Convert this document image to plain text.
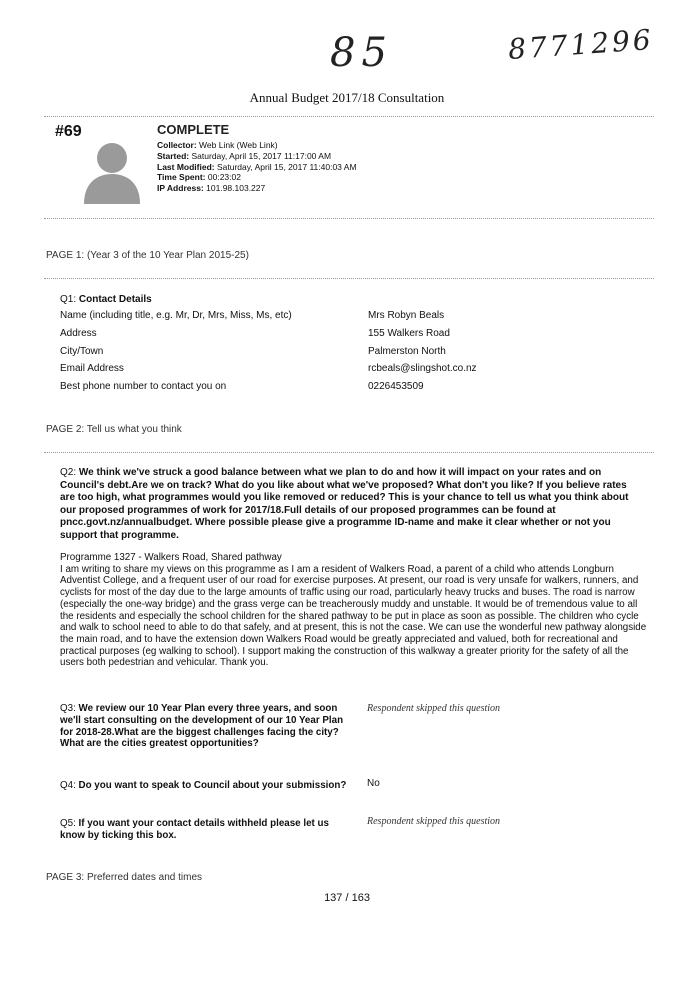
85	8771296
Annual Budget 2017/18 Consultation
#69	COMPLETE
Collector: Web Link (Web Link)
Started: Saturday, April 15, 2017 11:17:00 AM
Last Modified: Saturday, April 15, 2017 11:40:03 AM
Time Spent: 00:23:02
IP Address: 101.98.103.227
PAGE 1: (Year 3 of the 10 Year Plan 2015-25)
Q1: Contact Details
Name (including title, e.g. Mr, Dr, Mrs, Miss, Ms, etc)	Mrs Robyn Beals
Address	155 Walkers Road
City/Town	Palmerston North
Email Address	rcbeals@slingshot.co.nz
Best phone number to contact you on	0226453509
PAGE 2: Tell us what you think
Q2: We think we've struck a good balance between what we plan to do and how it will impact on your rates and on Council's debt.Are we on track? What do you like about what we've proposed? What don't you like? If you believe rates are too high, what programmes would you like removed or reduced? This is your chance to tell us what you think about our proposed programmes of work for 2017/18.Full details of our proposed programmes can be found at pncc.govt.nz/annualbudget. Where possible please give a programme ID-name and make it clear whether or not you support that programme.
Programme 1327 - Walkers Road, Shared pathway
I am writing to share my views on this programme as I am a resident of Walkers Road, a parent of a child who attends Longburn Adventist College, and a frequent user of our road for exercise purposes. At present, our road is very unsafe for walkers, runners, and cyclists for most of the day due to the large amounts of traffic using our road, particularly heavy trucks and buses. The road is narrow (especially the one-way bridge) and the grass verge can be treacherously muddy and unstable. It would be of tremendous value to all the residents and especially the school children for the shared pathway to be put in place as soon as possible. The children who cycle and walk to school need to able to do that safely, and at present, this is not the case. We can use the wonderful new pathway alongside the main road, and to have the extension down Walkers Road would be greatly appreciated and valued, both for recreational and practical purposes (eg walking to school). I support making the construction of this walkway a greater priority for the safety of all the users both pedestrian and vehicular. Thank you.
Q3: We review our 10 Year Plan every three years, and soon we'll start consulting on the development of our 10 Year Plan for 2018-28.What are the biggest challenges facing the city? What are the cities greatest opportunities?
Respondent skipped this question
Q4: Do you want to speak to Council about your submission?	No
Q5: If you want your contact details withheld please let us know by ticking this box.
Respondent skipped this question
PAGE 3: Preferred dates and times
137 / 163
